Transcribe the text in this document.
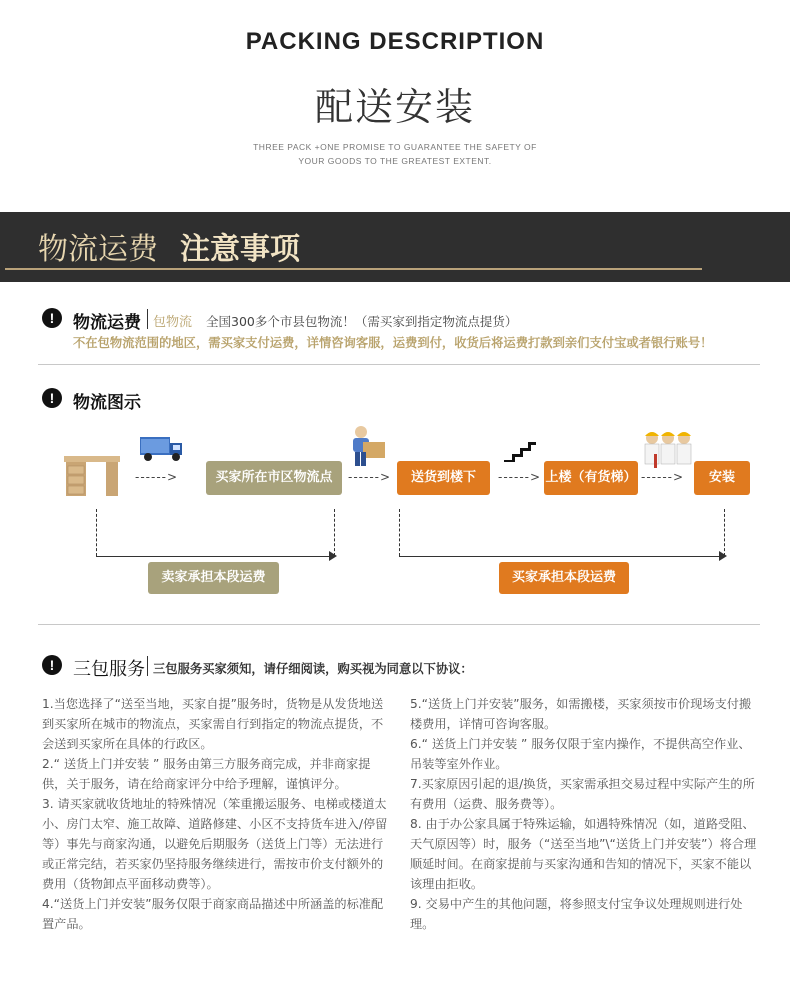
PACKING DESCRIPTION
配送安装
THREE PACK +ONE PROMISE TO GUARANTEE THE SAFETY OF
YOUR GOODS TO THE GREATEST EXTENT.
物流运费 注意事项
!	物流运费 包物流 全国300多个市县包物流！（需买家到指定物流点提货）
不在包物流范围的地区，需买家支付运费，详情咨询客服，运费到付，收货后将运费打款到亲们支付宝或者银行账号！
!	物流图示
------>	买家所在市区物流点	------>	送货到楼下	------> 上楼（有货梯） ------>	安装
卖家承担本段运费	买家承担本段运费
!	三包服务 三包服务买家须知，请仔细阅读，购买视为同意以下协议：

1.当您选择了“送至当地，买家自提”服务时，货物是从发货地送到买家所在城市的物流点，买家需自行到指定的物流点提货，不会送到买家所在具体的行政区。

2.“ 送货上门并安装 ” 服务由第三方服务商完成，并非商家提供，关于服务，请在给商家评分中给予理解，谨慎评分。

3. 请买家就收货地址的特殊情况（笨重搬运服务、电梯或楼道太小、房门太窄、施工故障、道路修建、小区不支持货车进入/停留等）事先与商家沟通，以避免后期服务（送货上门等）无法进行或正常完结，若买家仍坚持服务继续进行，需按市价支付额外的费用（货物卸点平面移动费等）。

4.“送货上门并安装”服务仅限于商家商品描述中所涵盖的标准配置产品。

5.“送货上门并安装”服务，如需搬楼，买家须按市价现场支付搬楼费用，详情可咨询客服。

6.“ 送货上门并安装 ” 服务仅限于室内操作，不提供高空作业、吊装等室外作业。

7.买家原因引起的退/换货，买家需承担交易过程中实际产生的所有费用（运费、服务费等）。

8. 由于办公家具属于特殊运输，如遇特殊情况（如，道路受阻、天气原因等）时，服务（“送至当地”\“送货上门并安装”）将合理顺延时间。在商家提前与买家沟通和告知的情况下，买家不能以该理由拒收。

9. 交易中产生的其他问题，将参照支付宝争议处理规则进行处理。
